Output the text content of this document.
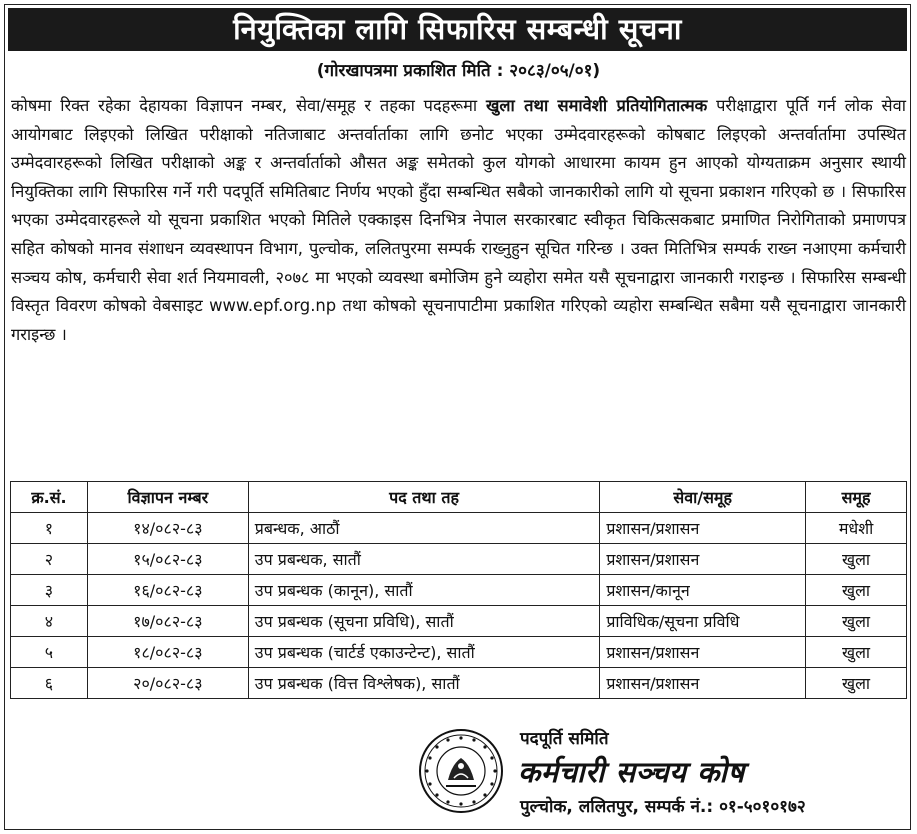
नियुक्तिका लागि सिफारिस सम्बन्धी सूचना
(गोरखापत्रमा प्रकाशित मिति : २०८३/०५/०१)
कोषमा रिक्त रहेका देहायका विज्ञापन नम्बर, सेवा/समूह र तहका पदहरूमा खुला तथा समावेशी प्रतियोगितात्मक परीक्षाद्वारा पूर्ति गर्न लोक सेवा आयोगबाट लिइएको लिखित परीक्षाको नतिजाबाट अन्तर्वार्ताका लागि छनोट भएका उम्मेदवारहरूको कोषबाट लिइएको अन्तर्वार्तामा उपस्थित उम्मेदवारहरूको लिखित परीक्षाको अङ्क र अन्तर्वार्ताको औसत अङ्क समेतको कुल योगको आधारमा कायम हुन आएको योग्यताक्रम अनुसार स्थायी नियुक्तिका लागि सिफारिस गर्ने गरी पदपूर्ति समितिबाट निर्णय भएको हुँदा सम्बन्धित सबैको जानकारीको लागि यो सूचना प्रकाशन गरिएको छ । सिफारिस भएका उम्मेदवारहरूले यो सूचना प्रकाशित भएको मितिले एक्काइस दिनभित्र नेपाल सरकारबाट स्वीकृत चिकित्सकबाट प्रमाणित निरोगिताको प्रमाणपत्र सहित कोषको मानव संशाधन व्यवस्थापन विभाग, पुल्चोक, ललितपुरमा सम्पर्क राख्नुहुन सूचित गरिन्छ । उक्त मितिभित्र सम्पर्क राख्न नआएमा कर्मचारी सञ्चय कोष, कर्मचारी सेवा शर्त नियमावली, २०७८ मा भएको व्यवस्था बमोजिम हुने व्यहोरा समेत यसै सूचनाद्वारा जानकारी गराइन्छ । सिफारिस सम्बन्धी विस्तृत विवरण कोषको वेबसाइट www.epf.org.np तथा कोषको सूचनापाटीमा प्रकाशित गरिएको व्यहोरा सम्बन्धित सबैमा यसै सूचनाद्वारा जानकारी गराइन्छ ।
क्र.सं.	विज्ञापन नम्बर	पद तथा तह	सेवा/समूह	समूह
१	१४/०८२-८३	प्रबन्धक, आठौं	प्रशासन/प्रशासन	मधेशी
२	१५/०८२-८३	उप प्रबन्धक, सातौं	प्रशासन/प्रशासन	खुला
३	१६/०८२-८३	उप प्रबन्धक (कानून), सातौं	प्रशासन/कानून	खुला
४	१७/०८२-८३	उप प्रबन्धक (सूचना प्रविधि), सातौं	प्राविधिक/सूचना प्रविधि	खुला
५	१८/०८२-८३	उप प्रबन्धक (चार्टर्ड एकाउन्टेन्ट), सातौं	प्रशासन/प्रशासन	खुला
६	२०/०८२-८३	उप प्रबन्धक (वित्त विश्लेषक), सातौं	प्रशासन/प्रशासन	खुला
पदपूर्ति समिति
कर्मचारी सञ्चय कोष
पुल्चोक, ललितपुर, सम्पर्क नं.: ०१-५०१०१७२
